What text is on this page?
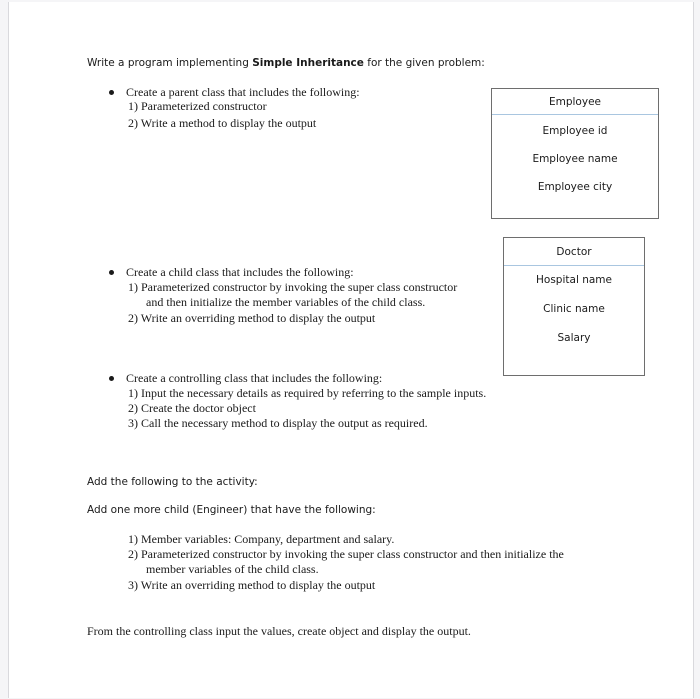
Write a program implementing Simple Inheritance for the given problem:
Create a parent class that includes the following:
1) Parameterized constructor
2) Write a method to display the output
Employee
Employee id
Employee name
Employee city
Doctor
Hospital name
Clinic name
Salary
Create a child class that includes the following:
1) Parameterized constructor by invoking the super class constructor
and then initialize the member variables of the child class.
2) Write an overriding method to display the output
Create a controlling class that includes the following:
1) Input the necessary details as required by referring to the sample inputs.
2) Create the doctor object
3) Call the necessary method to display the output as required.
Add the following to the activity:
Add one more child (Engineer) that have the following:
1) Member variables: Company, department and salary.
2) Parameterized constructor by invoking the super class constructor and then initialize the
member variables of the child class.
3) Write an overriding method to display the output
From the controlling class input the values, create object and display the output.
